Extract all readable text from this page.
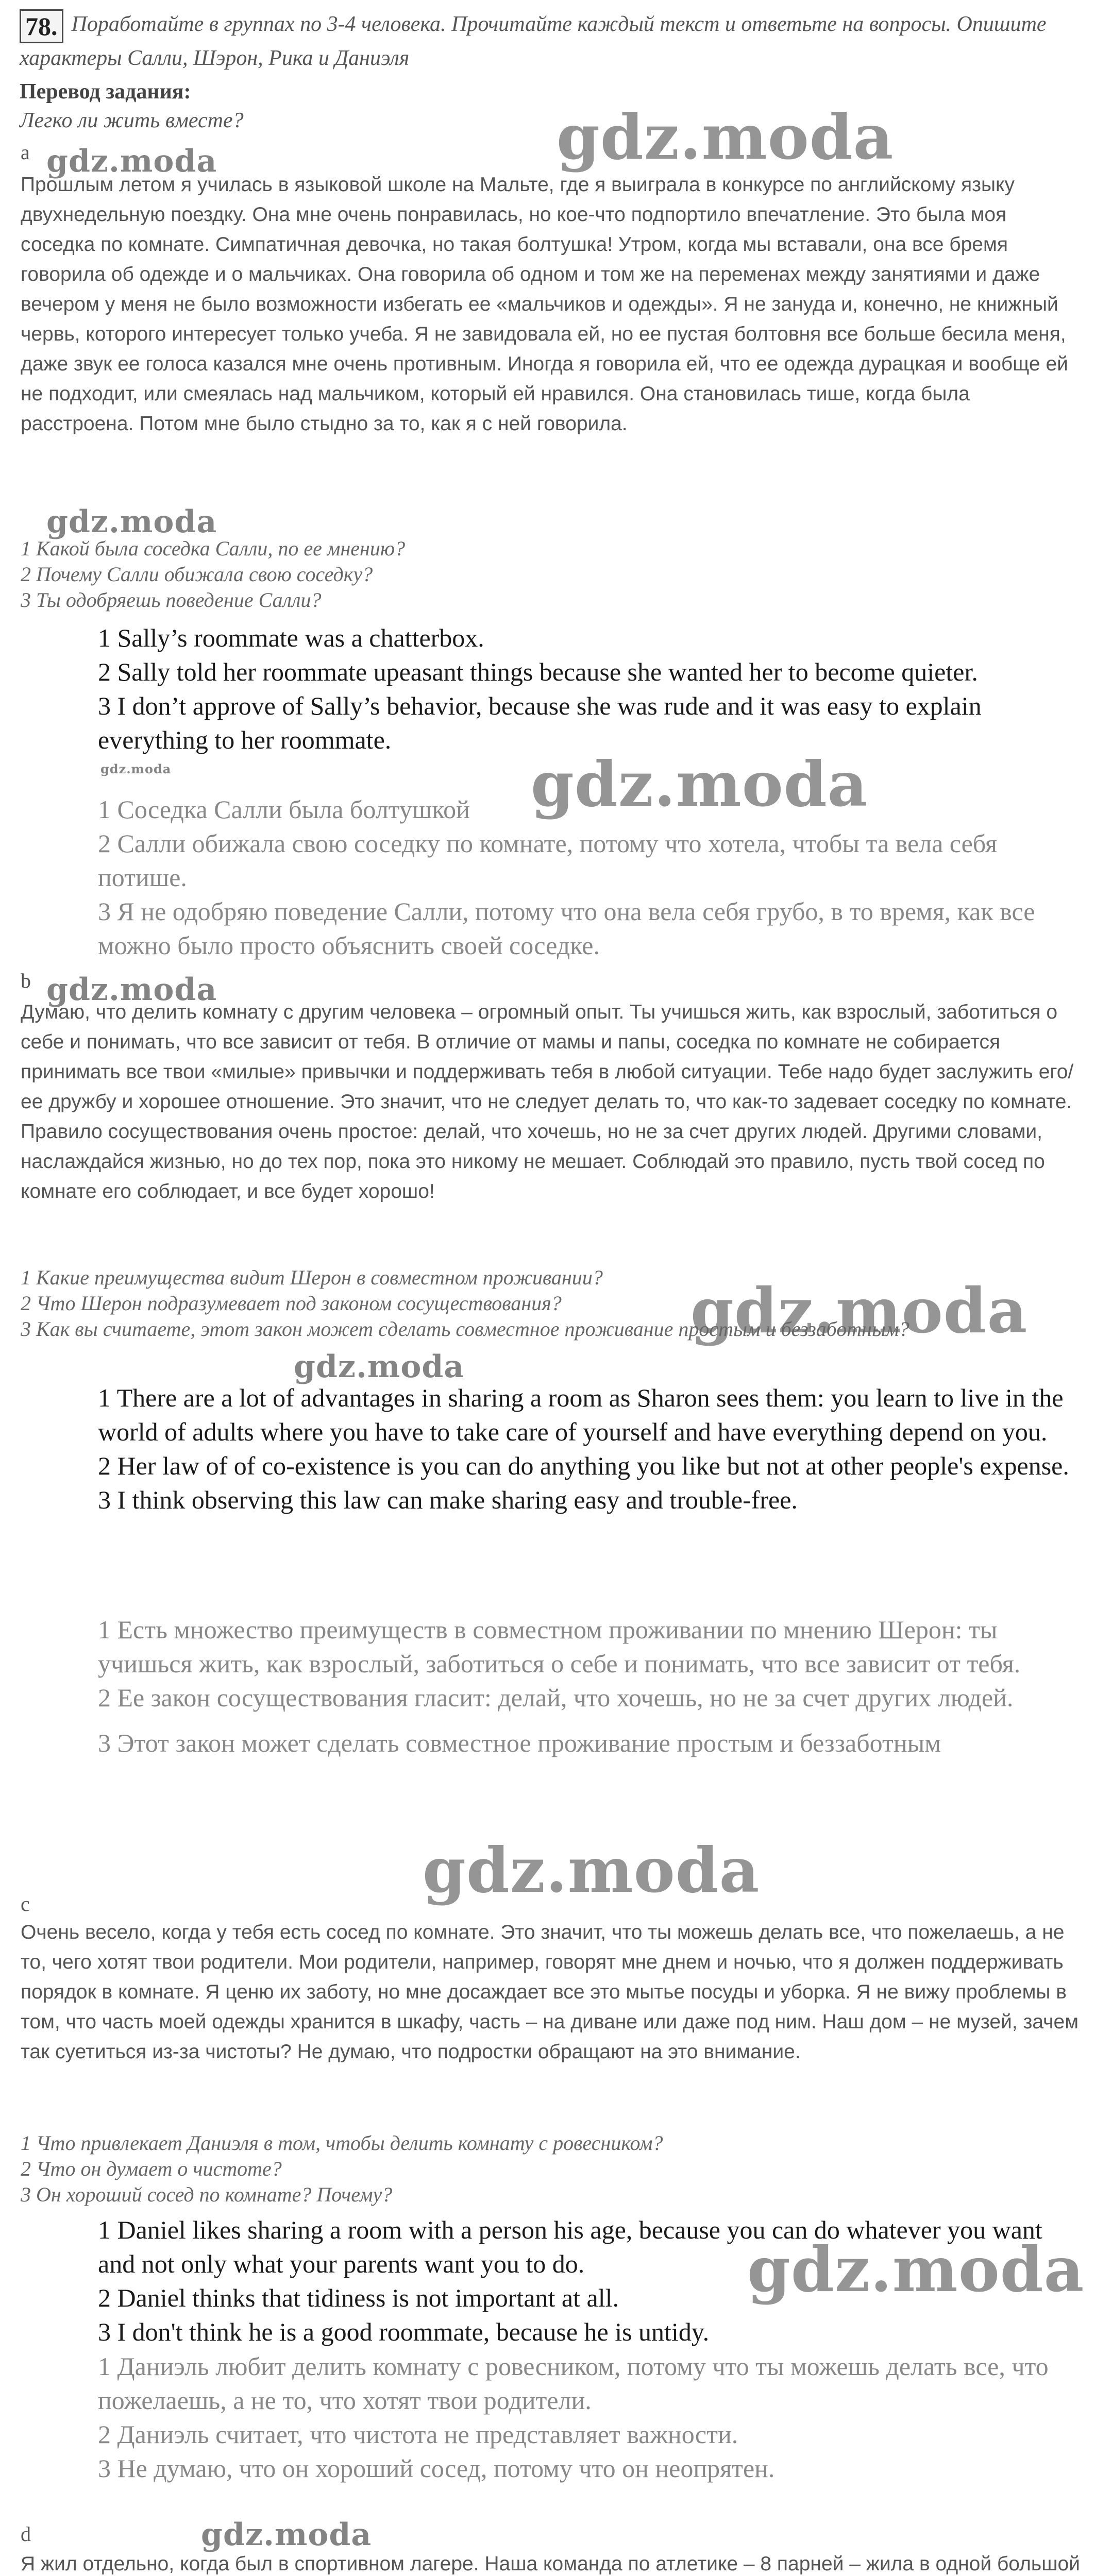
78. Поработайте в группах по 3-4 человека. Прочитайте каждый текст и ответьте на вопросы. Опишите характеры Салли, Шэрон, Рика и Даниэля
Перевод задания:
Легко ли жить вместе?
a gdz.moda	gdz.moda
Прошлым летом я училась в языковой школе на Мальте, где я выиграла в конкурсе по английскому языку двухнедельную поездку. Она мне очень понравилась, но кое-что подпортило впечатление. Это была моя соседка по комнате. Симпатичная девочка, но такая болтушка! Утром, когда мы вставали, она все бремя говорила об одежде и о мальчиках. Она говорила об одном и том же на переменах между занятиями и даже вечером у меня не было возможности избегать ее «мальчиков и одежды». Я не зануда и, конечно, не книжный червь, которого интересует только учеба. Я не завидовала ей, но ее пустая болтовня все больше бесила меня, даже звук ее голоса казался мне очень противным. Иногда я говорила ей, что ее одежда дурацкая и вообще ей не подходит, или смеялась над мальчиком, который ей нравился. Она становилась тише, когда была расстроена. Потом мне было стыдно за то, как я с ней говорила.
gdz.moda
1 Какой была соседка Салли, по ее мнению?
2 Почему Салли обижала свою соседку?
3 Ты одобряешь поведение Салли?
1 Sally’s roommate was a chatterbox.
2 Sally told her roommate upeasant things because she wanted her to become quieter.
3 I don’t approve of Sally’s behavior, because she was rude and it was easy to explain everything to her roommate.
gdz.moda	gdz.moda
1 Соседка Салли была болтушкой
2 Салли обижала свою соседку по комнате, потому что хотела, чтобы та вела себя потише.
3 Я не одобряю поведение Салли, потому что она вела себя грубо, в то время, как все можно было просто объяснить своей соседке.
b gdz.moda
Думаю, что делить комнату с другим человека – огромный опыт. Ты учишься жить, как взрослый, заботиться о себе и понимать, что все зависит от тебя. В отличие от мамы и папы, соседка по комнате не собирается принимать все твои «милые» привычки и поддерживать тебя в любой ситуации. Тебе надо будет заслужить его/ее дружбу и хорошее отношение. Это значит, что не следует делать то, что как-то задевает соседку по комнате. Правило сосуществования очень простое: делай, что хочешь, но не за счет других людей. Другими словами, наслаждайся жизнью, но до тех пор, пока это никому не мешает. Соблюдай это правило, пусть твой сосед по комнате его соблюдает, и все будет хорошо!
gdz.moda
1 Какие преимущества видит Шерон в совместном проживании?
2 Что Шерон подразумевает под законом сосуществования?
3 Как вы считаете, этот закон может сделать совместное проживание простым и беззаботным?
gdz.moda
1 There are a lot of advantages in sharing a room as Sharon sees them: you learn to live in the world of adults where you have to take care of yourself and have everything depend on you.
2 Her law of of co-existence is you can do anything you like but not at other people's expense.
3 I think observing this law can make sharing easy and trouble-free.
1 Есть множество преимуществ в совместном проживании по мнению Шерон: ты учишься жить, как взрослый, заботиться о себе и понимать, что все зависит от тебя.
2 Ее закон сосуществования гласит: делай, что хочешь, но не за счет других людей.
3 Этот закон может сделать совместное проживание простым и беззаботным
gdz.moda
c
Очень весело, когда у тебя есть сосед по комнате. Это значит, что ты можешь делать все, что пожелаешь, а не то, чего хотят твои родители. Мои родители, например, говорят мне днем и ночью, что я должен поддерживать порядок в комнате. Я ценю их заботу, но мне досаждает все это мытье посуды и уборка. Я не вижу проблемы в том, что часть моей одежды хранится в шкафу, часть – на диване или даже под ним. Наш дом – не музей, зачем так суетиться из-за чистоты? Не думаю, что подростки обращают на это внимание.
1 Что привлекает Даниэля в том, чтобы делить комнату с ровесником?
2 Что он думает о чистоте?
3 Он хороший сосед по комнате? Почему?
1 Daniel likes sharing a room with a person his age, because you can do whatever you want and not only what your parents want you to do.
2 Daniel thinks that tidiness is not important at all.
3 I don't think he is a good roommate, because he is untidy.
gdz.moda
1 Даниэль любит делить комнату с ровесником, потому что ты можешь делать все, что пожелаешь, а не то, что хотят твои родители.
2 Даниэль считает, что чистота не представляет важности.
3 Не думаю, что он хороший сосед, потому что он неопрятен.
d	gdz.moda
Я жил отдельно, когда был в спортивном лагере. Наша команда по атлетике – 8 парней – жила в одной большой
